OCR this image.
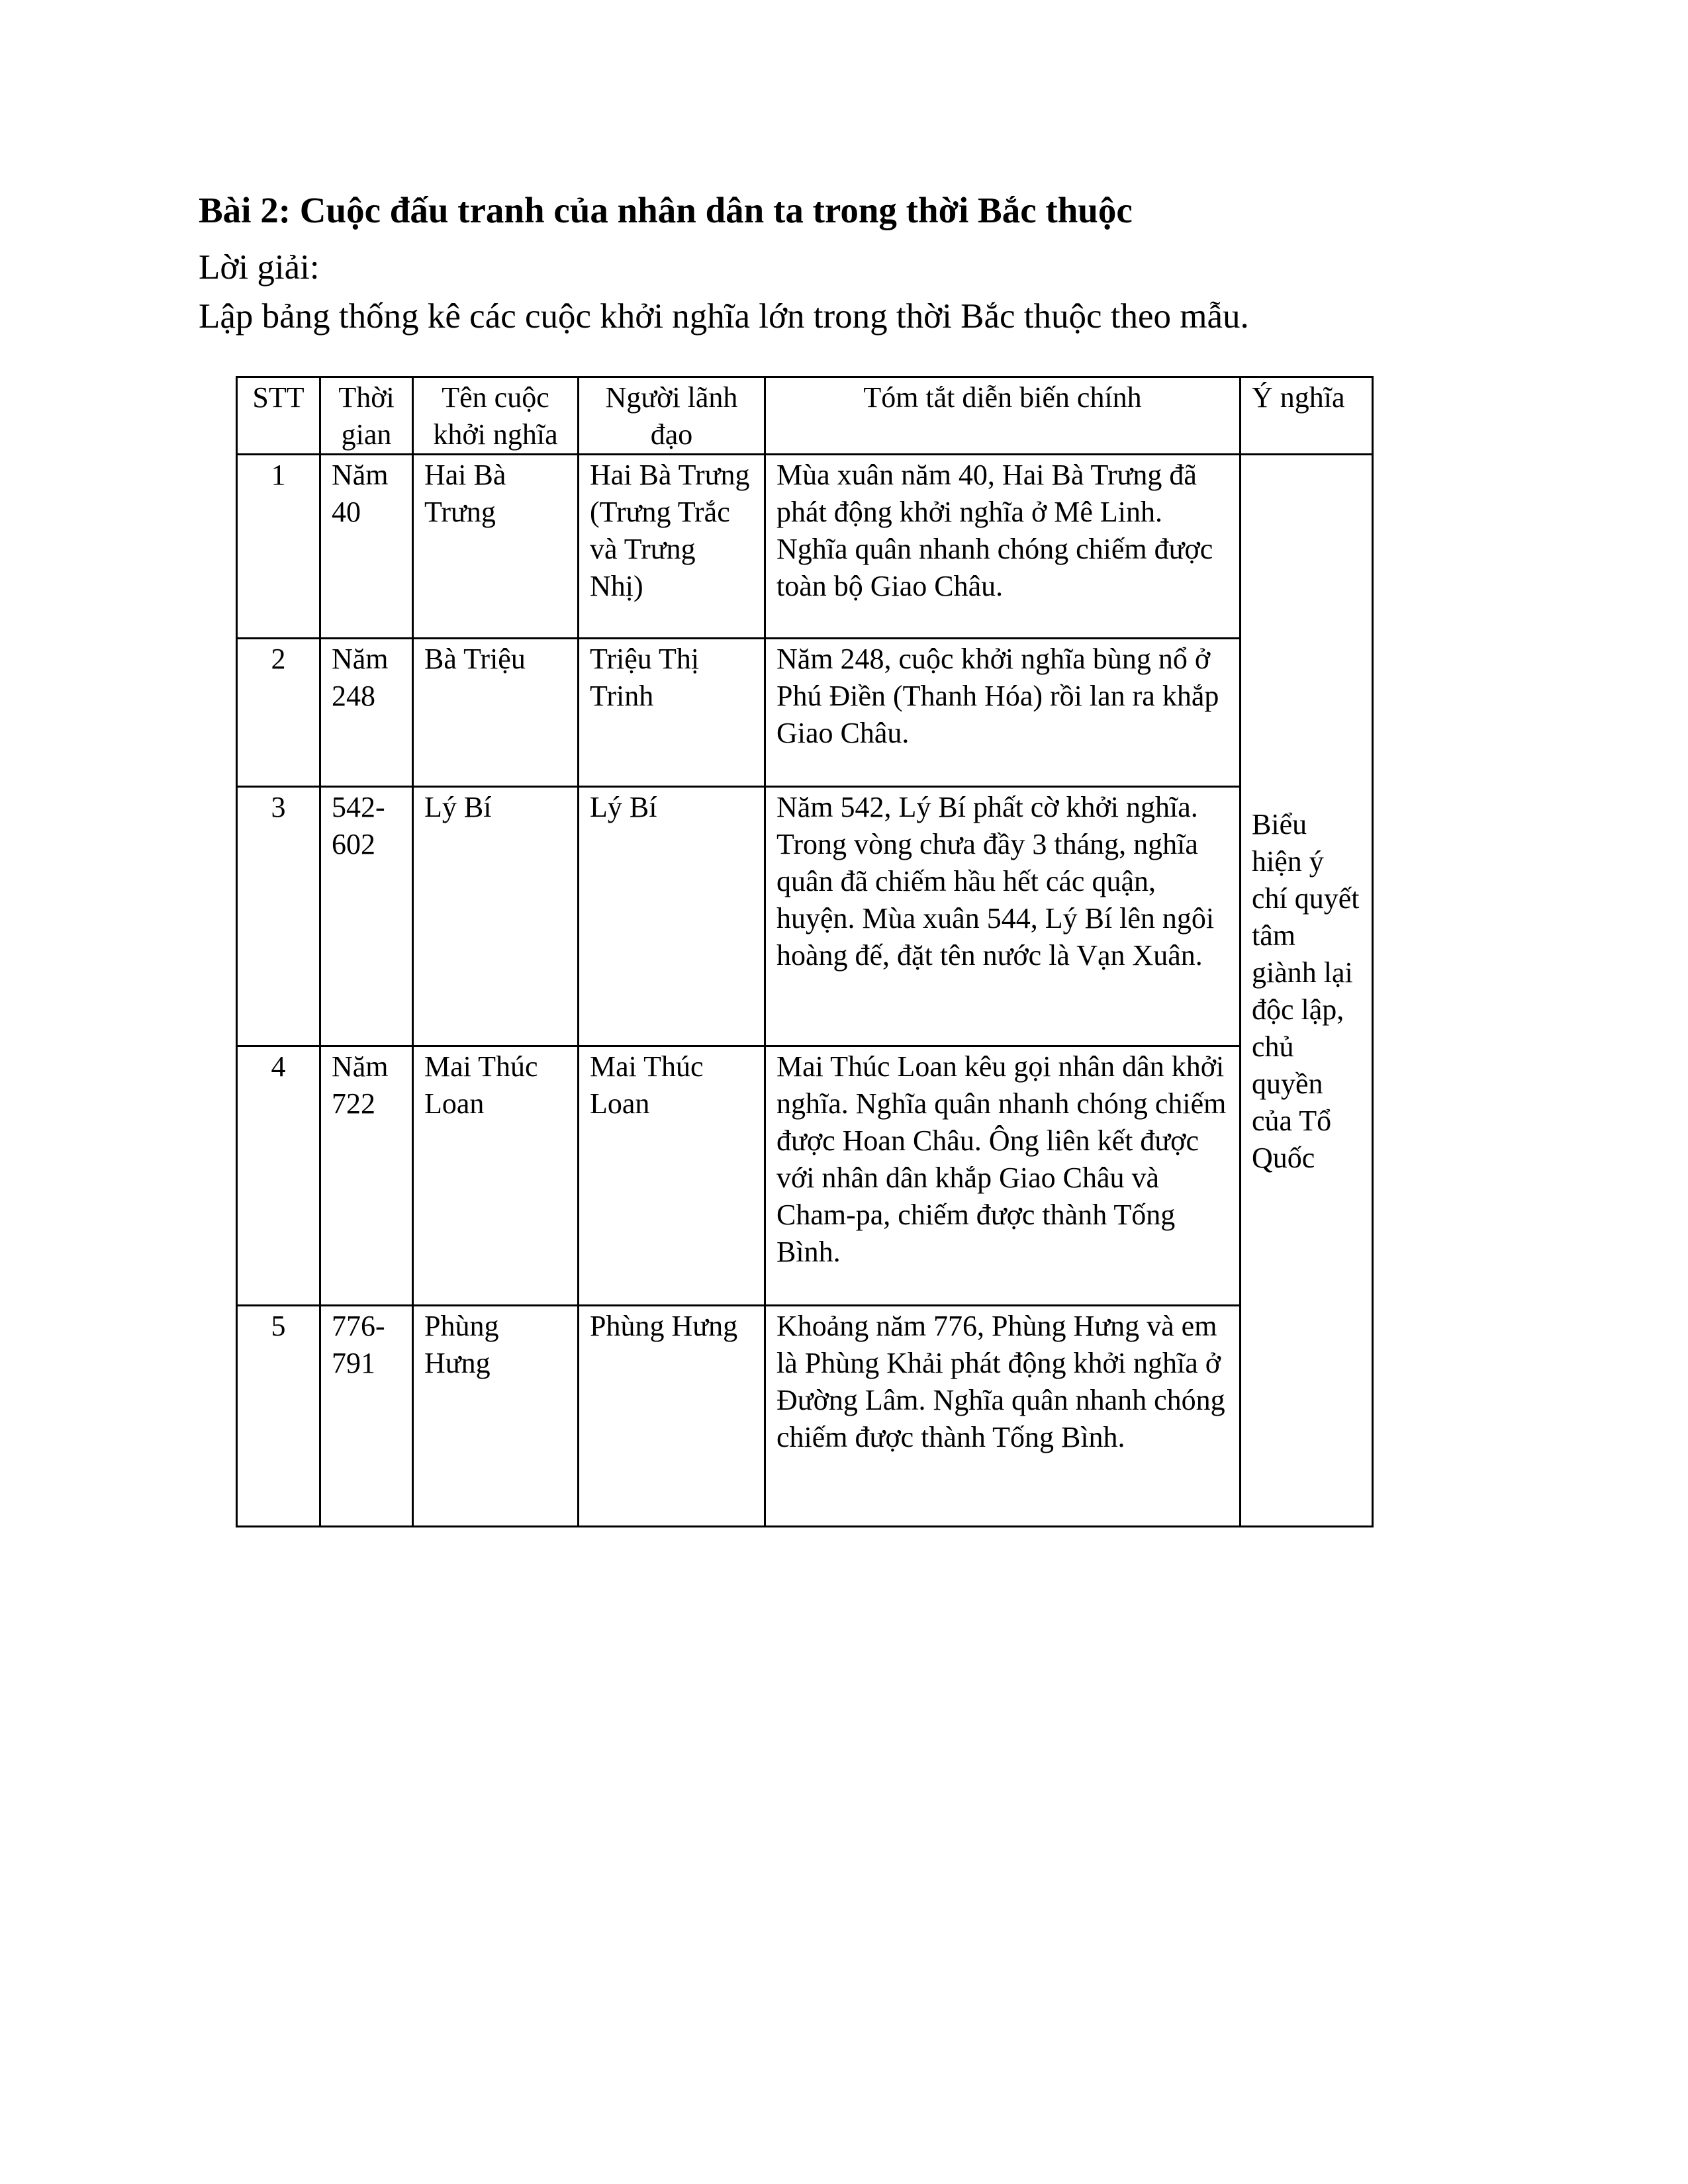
Bài 2: Cuộc đấu tranh của nhân dân ta trong thời Bắc thuộc

Lời giải:

Lập bảng thống kê các cuộc khởi nghĩa lớn trong thời Bắc thuộc theo mẫu.

STT	Thời gian	Tên cuộc khởi nghĩa	Người lãnh đạo	Tóm tắt diễn biến chính	Ý nghĩa
1	Năm 40	Hai Bà Trưng	Hai Bà Trưng (Trưng Trắc và Trưng Nhị)	Mùa xuân năm 40, Hai Bà Trưng đã phát động khởi nghĩa ở Mê Linh. Nghĩa quân nhanh chóng chiếm được toàn bộ Giao Châu.	Biểu hiện ý chí quyết tâm giành lại độc lập, chủ quyền của Tổ Quốc
2	Năm 248	Bà Triệu	Triệu Thị Trinh	Năm 248, cuộc khởi nghĩa bùng nổ ở Phú Điền (Thanh Hóa) rồi lan ra khắp Giao Châu.	
3	542-602	Lý Bí	Lý Bí	Năm 542, Lý Bí phất cờ khởi nghĩa. Trong vòng chưa đầy 3 tháng, nghĩa quân đã chiếm hầu hết các quận, huyện. Mùa xuân 544, Lý Bí lên ngôi hoàng đế, đặt tên nước là Vạn Xuân.	
4	Năm 722	Mai Thúc Loan	Mai Thúc Loan	Mai Thúc Loan kêu gọi nhân dân khởi nghĩa. Nghĩa quân nhanh chóng chiếm được Hoan Châu. Ông liên kết được với nhân dân khắp Giao Châu và Cham-pa, chiếm được thành Tống Bình.	
5	776-791	Phùng Hưng	Phùng Hưng	Khoảng năm 776, Phùng Hưng và em là Phùng Khải phát động khởi nghĩa ở Đường Lâm. Nghĩa quân nhanh chóng chiếm được thành Tống Bình.	
